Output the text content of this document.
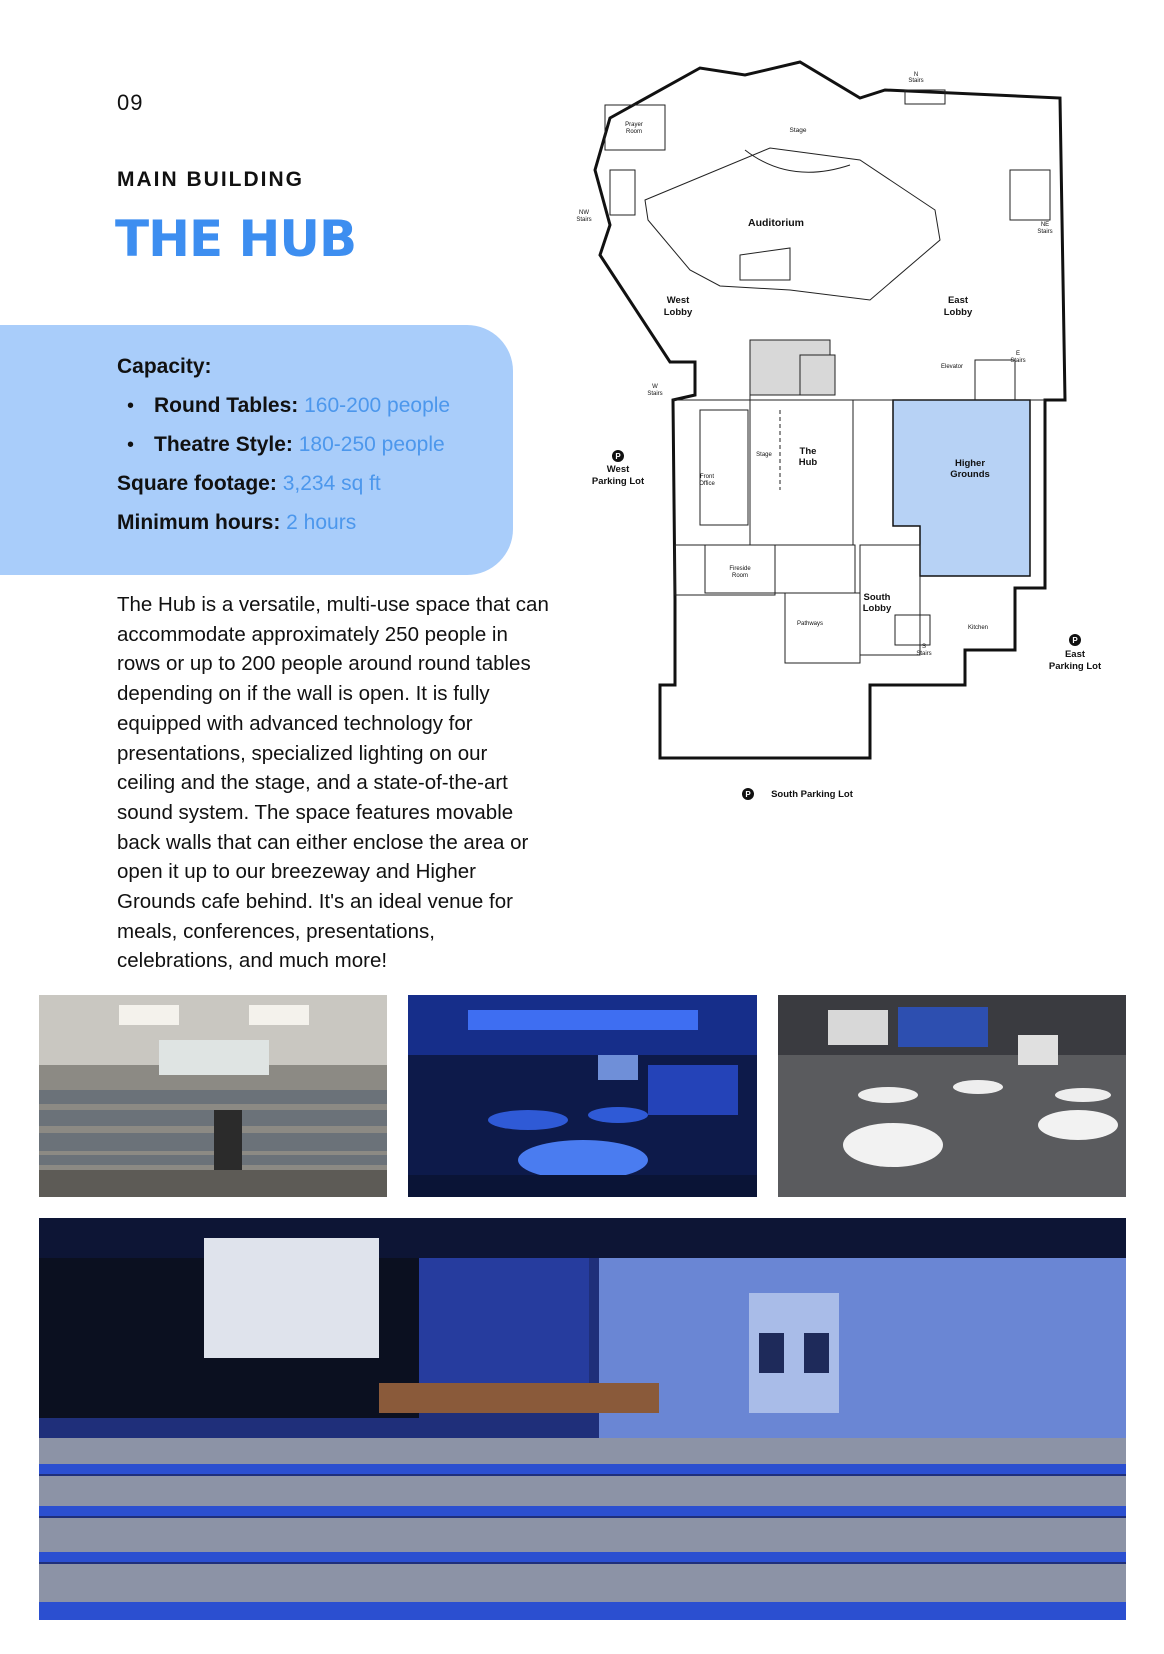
09
MAIN BUILDING
THE HUB
Capacity:
• Round Tables: 160-200 people
• Theatre Style: 180-250 people
Square footage: 3,234 sq ft
Minimum hours: 2 hours
The Hub is a versatile, multi-use space that can
accommodate approximately 250 people in
rows or up to 200 people around round tables
depending on if the wall is open. It is fully
equipped with advanced technology for
presentations, specialized lighting on our
ceiling and the stage, and a state-of-the-art
sound system. The space features movable
back walls that can either enclose the area or
open it up to our breezeway and Higher
Grounds cafe behind. It's an ideal venue for
meals, conferences, presentations,
celebrations, and much more!
N
Stairs
Prayer
Room	Stage
NW
Stairs	Auditorium	NE
Stairs
West
Lobby
East
Lobby
Elevator
E
Stairs
W
Stairs
West
Parking Lot	Front
Office
Stage	The
Hub	Higher
Grounds
Fireside
Room
South
Lobby
Pathways
Kitchen
S
Stairs	East
Parking Lot
South Parking Lot
P
P
P
